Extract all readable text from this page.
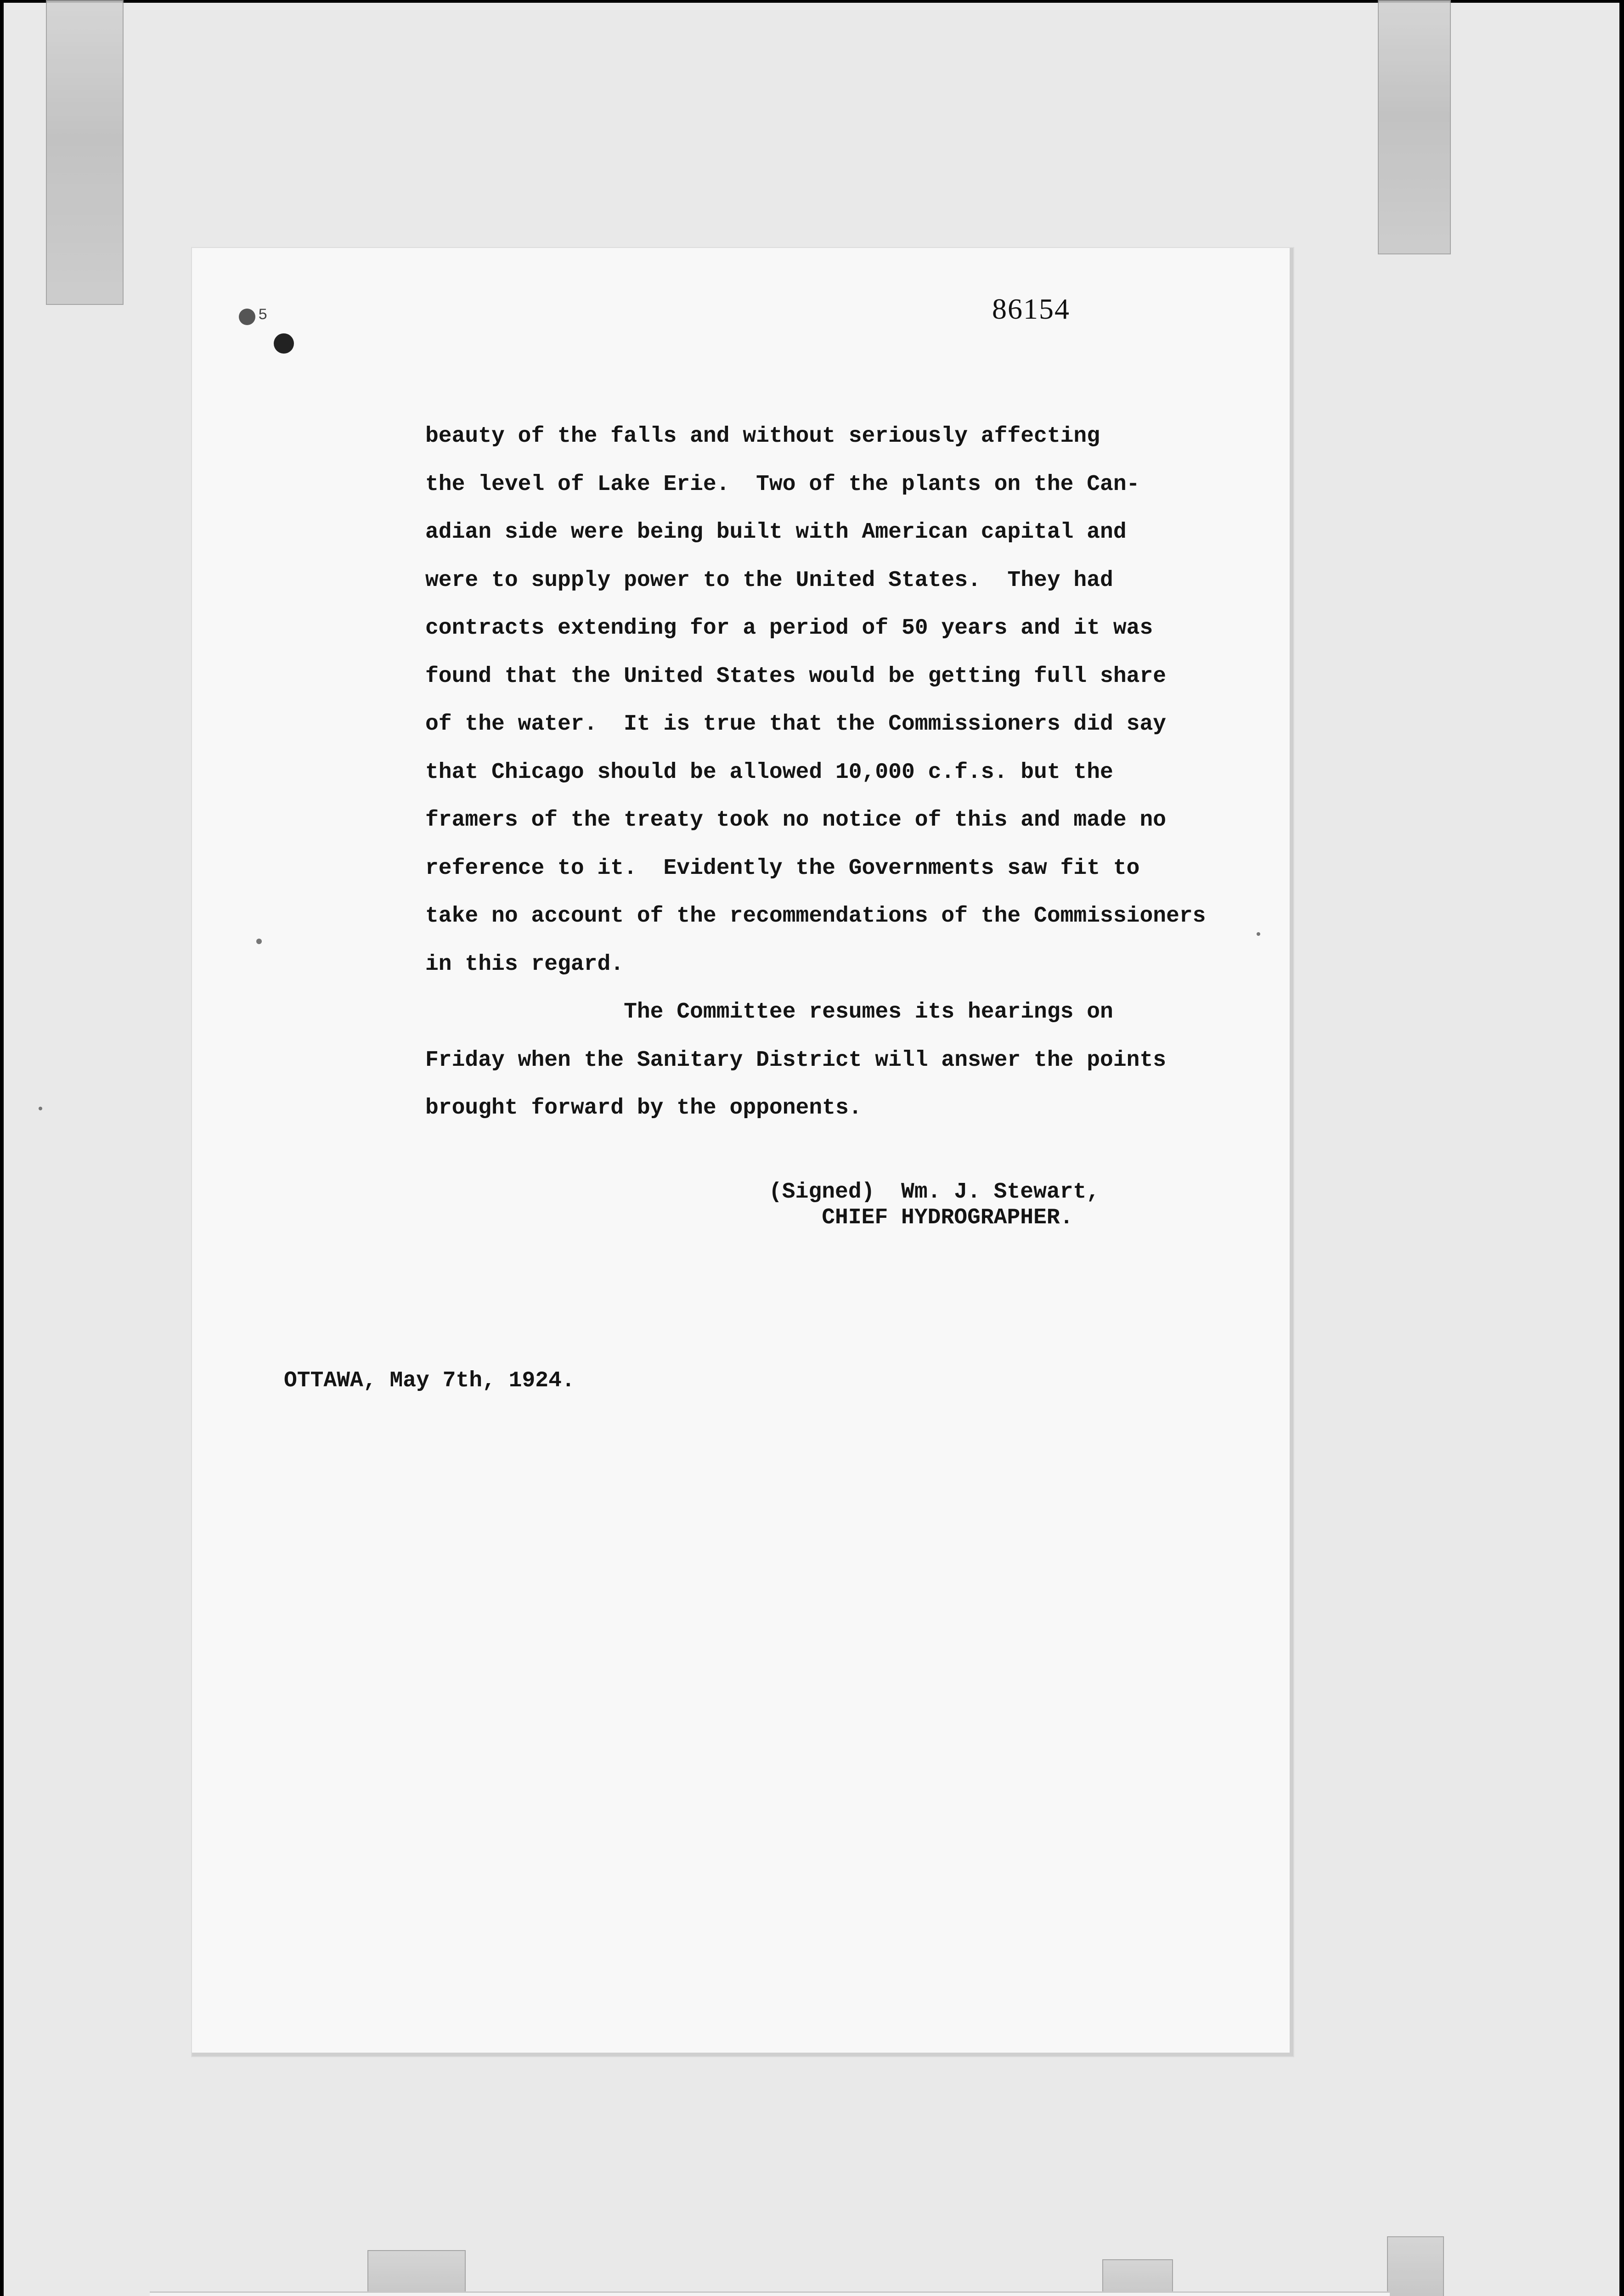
5	86154
beauty of the falls and without seriously affecting
the level of Lake Erie.  Two of the plants on the Can-
adian side were being built with American capital and
were to supply power to the United States.  They had
contracts extending for a period of 50 years and it was
found that the United States would be getting full share
of the water.  It is true that the Commissioners did say
that Chicago should be allowed 10,000 c.f.s. but the
framers of the treaty took no notice of this and made no
reference to it.  Evidently the Governments saw fit to
take no account of the recommendations of the Commissioners
in this regard.
The Committee resumes its hearings on
Friday when the Sanitary District will answer the points
brought forward by the opponents.
(Signed)  Wm. J. Stewart,
CHIEF HYDROGRAPHER.
OTTAWA, May 7th, 1924.
